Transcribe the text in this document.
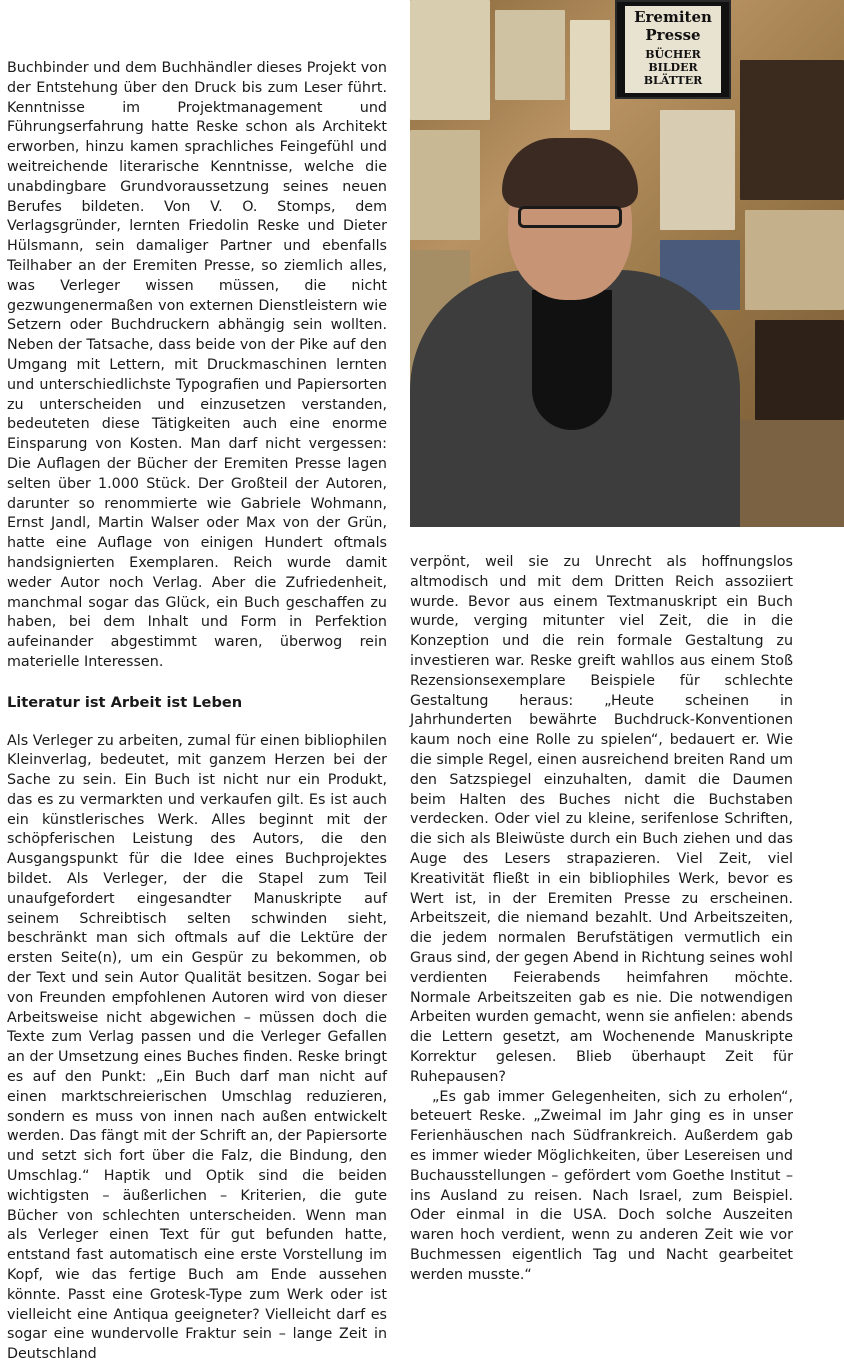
Eremiten
Presse
BÜCHER
BILDER
BLÄTTER

Buchbinder und dem Buchhändler dieses Projekt von der Entstehung über den Druck bis zum Leser führt. Kenntnisse im Projektmanagement und Führungserfahrung hatte Reske schon als Architekt erworben, hinzu kamen sprachliches Feingefühl und weitreichende literarische Kenntnisse, welche die unabdingbare Grundvoraussetzung seines neuen Berufes bildeten. Von V. O. Stomps, dem Verlagsgründer, lernten Friedolin Reske und Dieter Hülsmann, sein damaliger Partner und ebenfalls Teilhaber an der Eremiten Presse, so ziemlich alles, was Verleger wissen müssen, die nicht gezwungenermaßen von externen Dienstleistern wie Setzern oder Buchdruckern abhängig sein wollten. Neben der Tatsache, dass beide von der Pike auf den Umgang mit Lettern, mit Druckmaschinen lernten und unterschiedlichste Typografien und Papiersorten zu unterscheiden und einzusetzen verstanden, bedeuteten diese Tätigkeiten auch eine enorme Einsparung von Kosten. Man darf nicht vergessen: Die Auflagen der Bücher der Eremiten Presse lagen selten über 1.000 Stück. Der Großteil der Autoren, darunter so renommierte wie Gabriele Wohmann, Ernst Jandl, Martin Walser oder Max von der Grün, hatte eine Auflage von einigen Hundert oftmals handsignierten Exemplaren. Reich wurde damit weder Autor noch Verlag. Aber die Zufriedenheit, manchmal sogar das Glück, ein Buch geschaffen zu haben, bei dem Inhalt und Form in Perfektion aufeinander abgestimmt waren, überwog rein materielle Interessen.

Literatur ist Arbeit ist Leben

Als Verleger zu arbeiten, zumal für einen bibliophilen Kleinverlag, bedeutet, mit ganzem Herzen bei der Sache zu sein. Ein Buch ist nicht nur ein Produkt, das es zu vermarkten und verkaufen gilt. Es ist auch ein künstlerisches Werk. Alles beginnt mit der schöpferischen Leistung des Autors, die den Ausgangspunkt für die Idee eines Buchprojektes bildet. Als Verleger, der die Stapel zum Teil unaufgefordert eingesandter Manuskripte auf seinem Schreibtisch selten schwinden sieht, beschränkt man sich oftmals auf die Lektüre der ersten Seite(n), um ein Gespür zu bekommen, ob der Text und sein Autor Qualität besitzen. Sogar bei von Freunden empfohlenen Autoren wird von dieser Arbeitsweise nicht abgewichen – müssen doch die Texte zum Verlag passen und die Verleger Gefallen an der Umsetzung eines Buches finden. Reske bringt es auf den Punkt: „Ein Buch darf man nicht auf einen marktschreierischen Umschlag reduzieren, sondern es muss von innen nach außen entwickelt werden. Das fängt mit der Schrift an, der Papiersorte und setzt sich fort über die Falz, die Bindung, den Umschlag.“ Haptik und Optik sind die beiden wichtigsten – äußerlichen – Kriterien, die gute Bücher von schlechten unterscheiden. Wenn man als Verleger einen Text für gut befunden hatte, entstand fast automatisch eine erste Vorstellung im Kopf, wie das fertige Buch am Ende aussehen könnte. Passt eine Grotesk-Type zum Werk oder ist vielleicht eine Antiqua geeigneter? Vielleicht darf es sogar eine wundervolle Fraktur sein – lange Zeit in Deutschland

verpönt, weil sie zu Unrecht als hoffnungslos altmodisch und mit dem Dritten Reich assoziiert wurde. Bevor aus einem Textmanuskript ein Buch wurde, verging mitunter viel Zeit, die in die Konzeption und die rein formale Gestaltung zu investieren war. Reske greift wahllos aus einem Stoß Rezensionsexemplare Beispiele für schlechte Gestaltung heraus: „Heute scheinen in Jahrhunderten bewährte Buchdruck-Konventionen kaum noch eine Rolle zu spielen“, bedauert er. Wie die simple Regel, einen ausreichend breiten Rand um den Satzspiegel einzuhalten, damit die Daumen beim Halten des Buches nicht die Buchstaben verdecken. Oder viel zu kleine, serifenlose Schriften, die sich als Bleiwüste durch ein Buch ziehen und das Auge des Lesers strapazieren. Viel Zeit, viel Kreativität fließt in ein bibliophiles Werk, bevor es Wert ist, in der Eremiten Presse zu erscheinen. Arbeitszeit, die niemand bezahlt. Und Arbeitszeiten, die jedem normalen Berufstätigen vermutlich ein Graus sind, der gegen Abend in Richtung seines wohl verdienten Feierabends heimfahren möchte. Normale Arbeitszeiten gab es nie. Die notwendigen Arbeiten wurden gemacht, wenn sie anfielen: abends die Lettern gesetzt, am Wochenende Manuskripte Korrektur gelesen. Blieb überhaupt Zeit für Ruhepausen?

„Es gab immer Gelegenheiten, sich zu erholen“, beteuert Reske. „Zweimal im Jahr ging es in unser Ferienhäuschen nach Südfrankreich. Außerdem gab es immer wieder Möglichkeiten, über Lesereisen und Buchausstellungen – gefördert vom Goethe Institut – ins Ausland zu reisen. Nach Israel, zum Beispiel. Oder einmal in die USA. Doch solche Auszeiten waren hoch verdient, wenn zu anderen Zeit wie vor Buchmessen eigentlich Tag und Nacht gearbeitet werden musste.“
